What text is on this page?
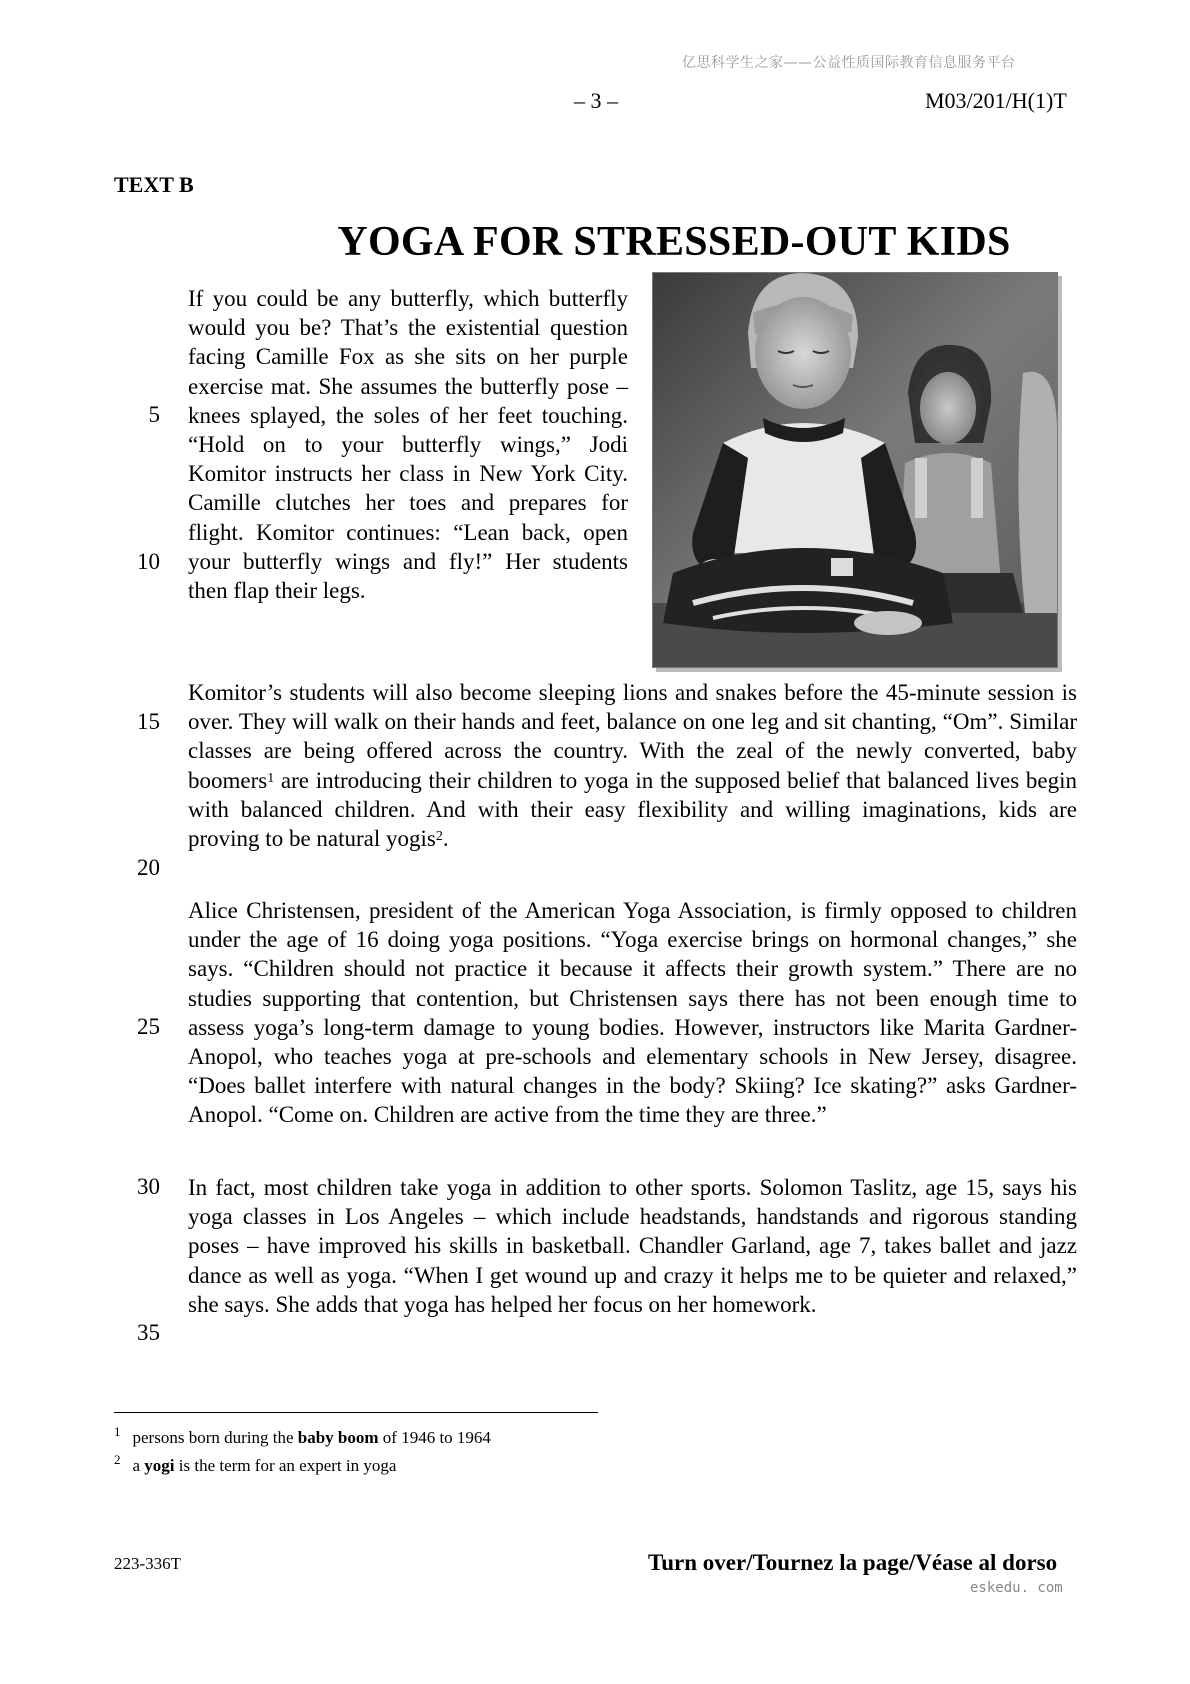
亿思科学生之家——公益性质国际教育信息服务平台
– 3 –	M03/201/H(1)T
TEXT B
YOGA FOR STRESSED-OUT KIDS
If you could be any butterfly, which butterfly would you be? That’s the existential question facing Camille Fox as she sits on her purple exercise mat. She assumes the butterfly pose – knees splayed, the soles of her feet touching. “Hold on to your butterfly wings,” Jodi Komitor instructs her class in New York City. Camille clutches her toes and prepares for flight. Komitor continues: “Lean back, open your butterfly wings and fly!” Her students then flap their legs.
Komitor’s students will also become sleeping lions and snakes before the 45-minute session is over. They will walk on their hands and feet, balance on one leg and sit chanting, “Om”. Similar classes are being offered across the country. With the zeal of the newly converted, baby boomers$^1$ are introducing their children to yoga in the supposed belief that balanced lives begin with balanced children. And with their easy flexibility and willing imaginations, kids are proving to be natural yogis$^2$.
Alice Christensen, president of the American Yoga Association, is firmly opposed to children under the age of 16 doing yoga positions. “Yoga exercise brings on hormonal changes,” she says. “Children should not practice it because it affects their growth system.” There are no studies supporting that contention, but Christensen says there has not been enough time to assess yoga’s long-term damage to young bodies. However, instructors like Marita Gardner-Anopol, who teaches yoga at pre-schools and elementary schools in New Jersey, disagree. “Does ballet interfere with natural changes in the body? Skiing? Ice skating?” asks Gardner-Anopol. “Come on. Children are active from the time they are three.”
In fact, most children take yoga in addition to other sports. Solomon Taslitz, age 15, says his yoga classes in Los Angeles – which include headstands, handstands and rigorous standing poses – have improved his skills in basketball. Chandler Garland, age 7, takes ballet and jazz dance as well as yoga. “When I get wound up and crazy it helps me to be quieter and relaxed,” she says. She adds that yoga has helped her focus on her homework.
5
10
15
20
25
30
35
$^1$ persons born during the baby boom of 1946 to 1964
$^2$ a yogi is the term for an expert in yoga
223-336T	Turn over/Tournez la page/Véase al dorso
eskedu. com
